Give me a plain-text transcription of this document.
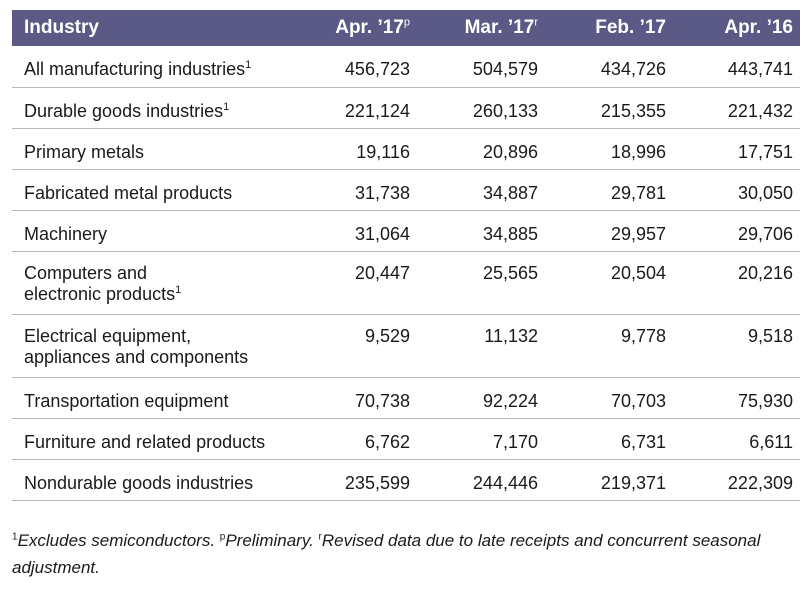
Industry	Apr. ’17$^p$	Mar. ’17$^r$	Feb. ’17	Apr. ’16
All manufacturing industries$^1$	456,723	504,579	434,726	443,741
Durable goods industries$^1$	221,124	260,133	215,355	221,432
Primary metals	19,116	20,896	18,996	17,751
Fabricated metal products	31,738	34,887	29,781	30,050
Machinery	31,064	34,885	29,957	29,706
Computers and
electronic products$^1$	20,447	25,565	20,504	20,216
Electrical equipment,
appliances and components	9,529	11,132	9,778	9,518
Transportation equipment	70,738	92,224	70,703	75,930
Furniture and related products	6,762	7,170	6,731	6,611
Nondurable goods industries	235,599	244,446	219,371	222,309
$^1$Excludes semiconductors. $^p$Preliminary. $^r$Revised data due to late receipts and concurrent seasonal adjustment.
